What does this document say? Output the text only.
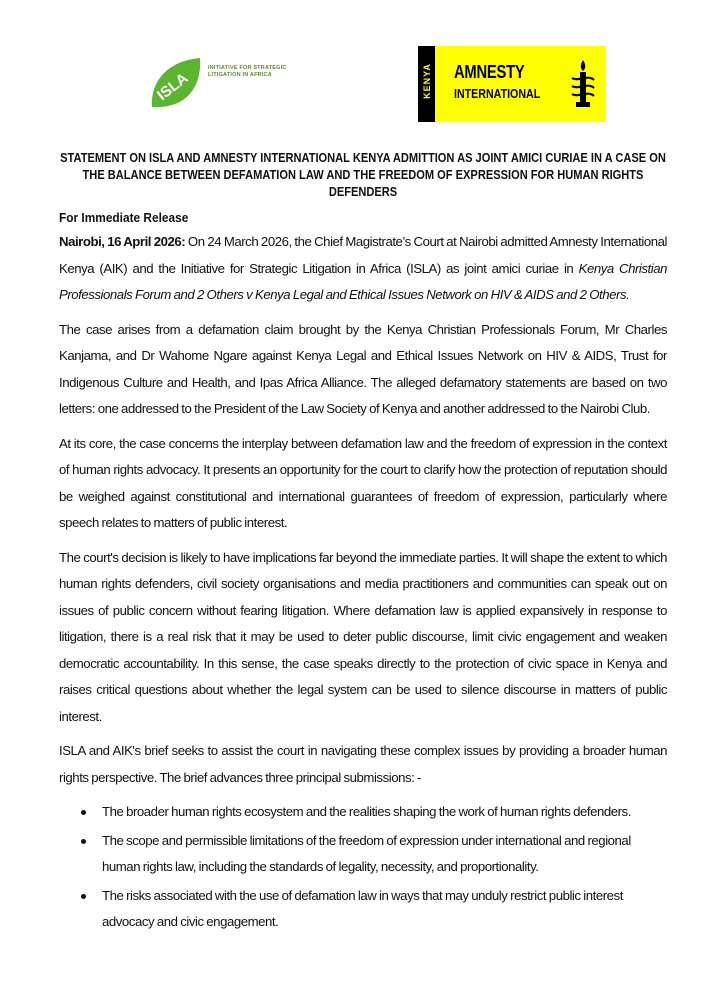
ISLA
INITIATIVE FOR STRATEGIC
LITIGATION IN AFRICA	KENYA AMNESTY
INTERNATIONAL
STATEMENT ON ISLA AND AMNESTY INTERNATIONAL KENYA ADMITTION AS JOINT AMICI CURIAE IN A CASE ON THE BALANCE BETWEEN DEFAMATION LAW AND THE FREEDOM OF EXPRESSION FOR HUMAN RIGHTS DEFENDERS
For Immediate Release

Nairobi, 16 April 2026: On 24 March 2026, the Chief Magistrate’s Court at Nairobi admitted Amnesty International Kenya (AIK) and the Initiative for Strategic Litigation in Africa (ISLA) as joint amici curiae in Kenya Christian Professionals Forum and 2 Others v Kenya Legal and Ethical Issues Network on HIV & AIDS and 2 Others.

The case arises from a defamation claim brought by the Kenya Christian Professionals Forum, Mr Charles Kanjama, and Dr Wahome Ngare against Kenya Legal and Ethical Issues Network on HIV & AIDS, Trust for Indigenous Culture and Health, and Ipas Africa Alliance. The alleged defamatory statements are based on two letters: one addressed to the President of the Law Society of Kenya and another addressed to the Nairobi Club.

At its core, the case concerns the interplay between defamation law and the freedom of expression in the context of human rights advocacy. It presents an opportunity for the court to clarify how the protection of reputation should be weighed against constitutional and international guarantees of freedom of expression, particularly where speech relates to matters of public interest.

The court's decision is likely to have implications far beyond the immediate parties. It will shape the extent to which human rights defenders, civil society organisations and media practitioners and communities can speak out on issues of public concern without fearing litigation. Where defamation law is applied expansively in response to litigation, there is a real risk that it may be used to deter public discourse, limit civic engagement and weaken democratic accountability. In this sense, the case speaks directly to the protection of civic space in Kenya and raises critical questions about whether the legal system can be used to silence discourse in matters of public interest.

ISLA and AIK's brief seeks to assist the court in navigating these complex issues by providing a broader human rights perspective. The brief advances three principal submissions: -

The broader human rights ecosystem and the realities shaping the work of human rights defenders.
The scope and permissible limitations of the freedom of expression under international and regional human rights law, including the standards of legality, necessity, and proportionality.
The risks associated with the use of defamation law in ways that may unduly restrict public interest advocacy and civic engagement.
